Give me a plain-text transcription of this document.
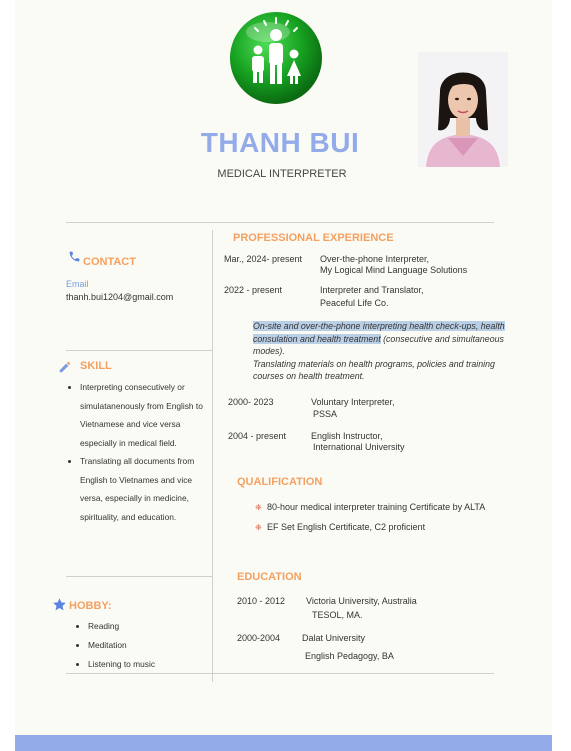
THANH BUI
MEDICAL INTERPRETER
CONTACT
Email
thanh.bui1204@gmail.com
SKILL
• Interpreting consecutively or simulatanenously from English to Vietnamese and vice versa especially in medical field.
• Translating all documents from English to Vietnames and vice versa, especially in medicine, spirituality, and education.
HOBBY:
• Reading
• Meditation
• Listening to music
PROFESSIONAL EXPERIENCE
Mar., 2024- present Over-the-phone Interpreter,
My Logical Mind Language Solutions
2022 - present	Interpreter and Translator,
Peaceful Life Co.
On-site and over-the-phone interpreting health check-ups, health consulation and health treatment (consecutive and simultaneous modes).
Translating materials on health programs, policies and training courses on health treatment.
2000- 2023	Voluntary Interpreter,
PSSA
2004 - present	English Instructor,
International University
QUALIFICATION
❈ 80-hour medical interpreter training Certificate by ALTA
❈ EF Set English Certificate, C2 proficient
EDUCATION
2010 - 2012 Victoria University, Australia
TESOL, MA.
2000-2004 Dalat University
English Pedagogy, BA
